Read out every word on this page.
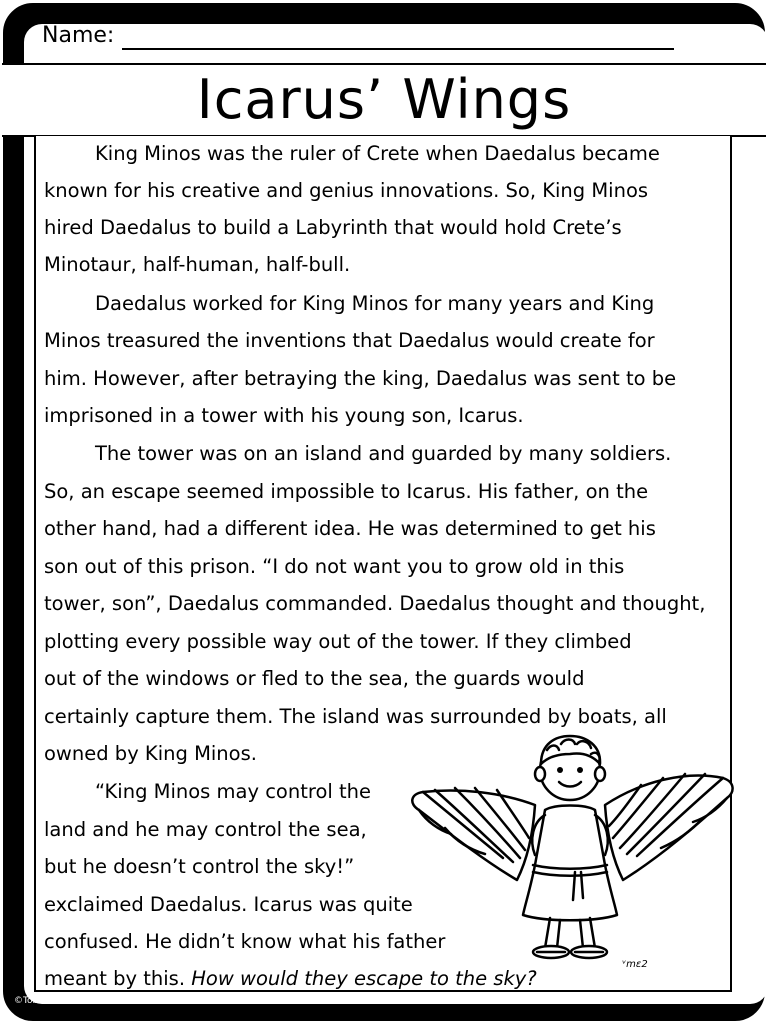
Name:
Icarus’ Wings
King Minos was the ruler of Crete when Daedalus became
known for his creative and genius innovations. So, King Minos
hired Daedalus to build a Labyrinth that would hold Crete’s
Minotaur, half-human, half-bull.
Daedalus worked for King Minos for many years and King
Minos treasured the inventions that Daedalus would create for
him. However, after betraying the king, Daedalus was sent to be
imprisoned in a tower with his young son, Icarus.
The tower was on an island and guarded by many soldiers.
So, an escape seemed impossible to Icarus. His father, on the
other hand, had a different idea. He was determined to get his
son out of this prison. “I do not want you to grow old in this
tower, son”, Daedalus commanded. Daedalus thought and thought,
plotting every possible way out of the tower. If they climbed
out of the windows or fled to the sea, the guards would
certainly capture them. The island was surrounded by boats, all
owned by King Minos.
“King Minos may control the
land and he may control the sea,
but he doesn’t control the sky!”
exclaimed Daedalus. Icarus was quite
confused. He didn’t know what his father
meant by this. How would they escape to the sky?
ᵛmɛ2
©Tobin, Mar. 2017
